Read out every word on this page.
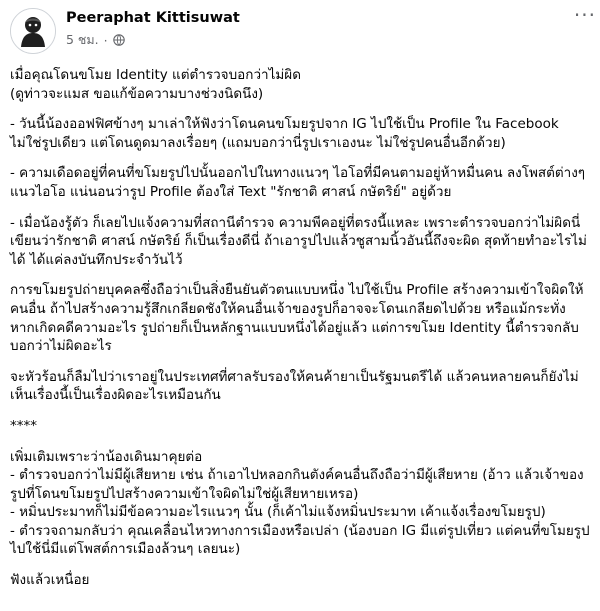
Peeraphat Kittisuwat
5 ชม. ·
···
เมื่อคุณโดนขโมย Identity แต่ตำรวจบอกว่าไม่ผิด
(ดูท่าวจะแมส ขอแก้ข้อความบางช่วงนิดนึง)
- วันนี้น้องออฟฟิศข้างๆ มาเล่าให้ฟังว่าโดนคนขโมยรูปจาก IG ไปใช้เป็น Profile ใน Facebook ไม่ใช่รูปเดียว แต่โดนดูดมาลงเรื่อยๆ (แถมบอกว่านี่รูปเราเองนะ ไม่ใช่รูปคนอื่นอีกด้วย)
- ความเดือดอยู่ที่คนที่ขโมยรูปไปนั้นออกไปในทางแนวๆ ไอโอที่มีคนตามอยู่ห้าหมื่นคน ลงโพสต์ต่างๆ แนวไอโอ แน่นอนว่ารูป Profile ต้องใส่ Text "รักชาติ ศาสน์ กษัตริย์" อยู่ด้วย
- เมื่อน้องรู้ตัว ก็เลยไปแจ้งความที่สถานีตำรวจ ความพีคอยู่ที่ตรงนี้แหละ เพราะตำรวจบอกว่าไม่ผิดนี่ เขียนว่ารักชาติ ศาสน์ กษัตริย์ ก็เป็นเรื่องดีนี่ ถ้าเอารูปไปแล้วชูสามนิ้วอันนี้ถึงจะผิด สุดท้ายทำอะไรไม่ได้ ได้แค่ลงบันทึกประจำวันไว้
การขโมยรูปถ่ายบุคคลซึ่งถือว่าเป็นสิ่งยืนยันตัวตนแบบหนึ่ง ไปใช้เป็น Profile สร้างความเข้าใจผิดให้คนอื่น ถ้าไปสร้างความรู้สึกเกลียดชังให้คนอื่นเจ้าของรูปก็อาจจะโดนเกลียดไปด้วย หรือแม้กระทั่งหากเกิดคดีความอะไร รูปถ่ายก็เป็นหลักฐานแบบหนึ่งได้อยู่แล้ว แต่การขโมย Identity นี้ตำรวจกลับบอกว่าไม่ผิดอะไร
จะหัวร้อนก็ลืมไปว่าเราอยู่ในประเทศที่ศาลรับรองให้คนค้ายาเป็นรัฐมนตรีได้ แล้วคนหลายคนก็ยังไม่เห็นเรื่องนี้เป็นเรื่องผิดอะไรเหมือนกัน
****
เพิ่มเติมเพราะว่าน้องเดินมาคุยต่อ
- ตำรวจบอกว่าไม่มีผู้เสียหาย เช่น ถ้าเอาไปหลอกกินตังค์คนอื่นถึงถือว่ามีผู้เสียหาย (อ้าว แล้วเจ้าของรูปที่โดนขโมยรูปไปสร้างความเข้าใจผิดไม่ใช่ผู้เสียหายเหรอ)
- หมิ่นประมาทก็ไม่มีข้อความอะไรแนวๆ นั้น (ก็เค้าไม่แจ้งหมิ่นประมาท เค้าแจ้งเรื่องขโมยรูป)
- ตำรวจถามกลับว่า คุณเคลื่อนไหวทางการเมืองหรือเปล่า (น้องบอก IG มีแต่รูปเที่ยว แต่คนที่ขโมยรูปไปใช้นี่มีแต่โพสต์การเมืองล้วนๆ เลยนะ)
ฟังแล้วเหนื่อย
